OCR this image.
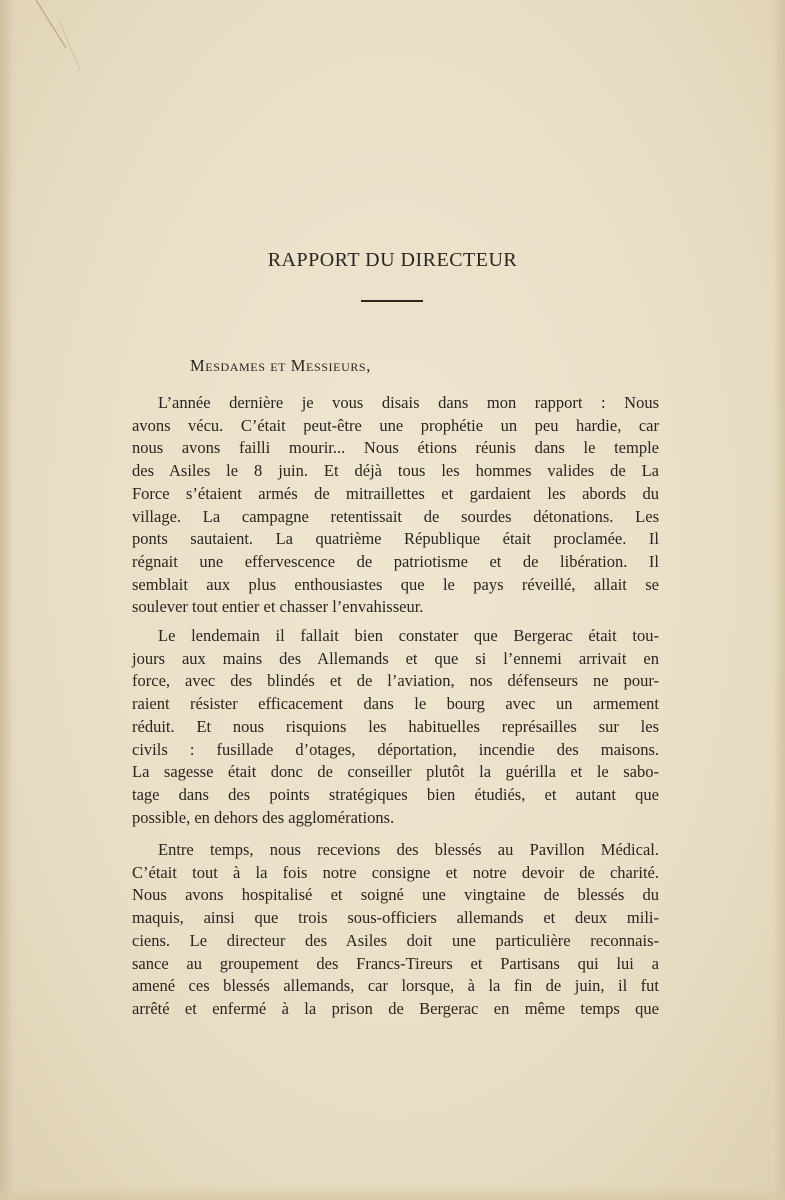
RAPPORT DU DIRECTEUR

Mesdames et Messieurs,

L’année dernière je vous disais dans mon rapport : Nous
avons vécu. C’était peut-être une prophétie un peu hardie, car
nous avons failli mourir... Nous étions réunis dans le temple
des Asiles le 8 juin. Et déjà tous les hommes valides de La
Force s’étaient armés de mitraillettes et gardaient les abords du
village. La campagne retentissait de sourdes détonations. Les
ponts sautaient. La quatrième République était proclamée. Il
régnait une effervescence de patriotisme et de libération. Il
semblait aux plus enthousiastes que le pays réveillé, allait se
soulever tout entier et chasser l’envahisseur.
Le lendemain il fallait bien constater que Bergerac était tou-
jours aux mains des Allemands et que si l’ennemi arrivait en
force, avec des blindés et de l’aviation, nos défenseurs ne pour-
raient résister efficacement dans le bourg avec un armement
réduit. Et nous risquions les habituelles représailles sur les
civils : fusillade d’otages, déportation, incendie des maisons.
La sagesse était donc de conseiller plutôt la guérilla et le sabo-
tage dans des points stratégiques bien étudiés, et autant que
possible, en dehors des agglomérations.
Entre temps, nous recevions des blessés au Pavillon Médical.
C’était tout à la fois notre consigne et notre devoir de charité.
Nous avons hospitalisé et soigné une vingtaine de blessés du
maquis, ainsi que trois sous-officiers allemands et deux mili-
ciens. Le directeur des Asiles doit une particulière reconnais-
sance au groupement des Francs-Tireurs et Partisans qui lui a
amené ces blessés allemands, car lorsque, à la fin de juin, il fut
arrêté et enfermé à la prison de Bergerac en même temps que
